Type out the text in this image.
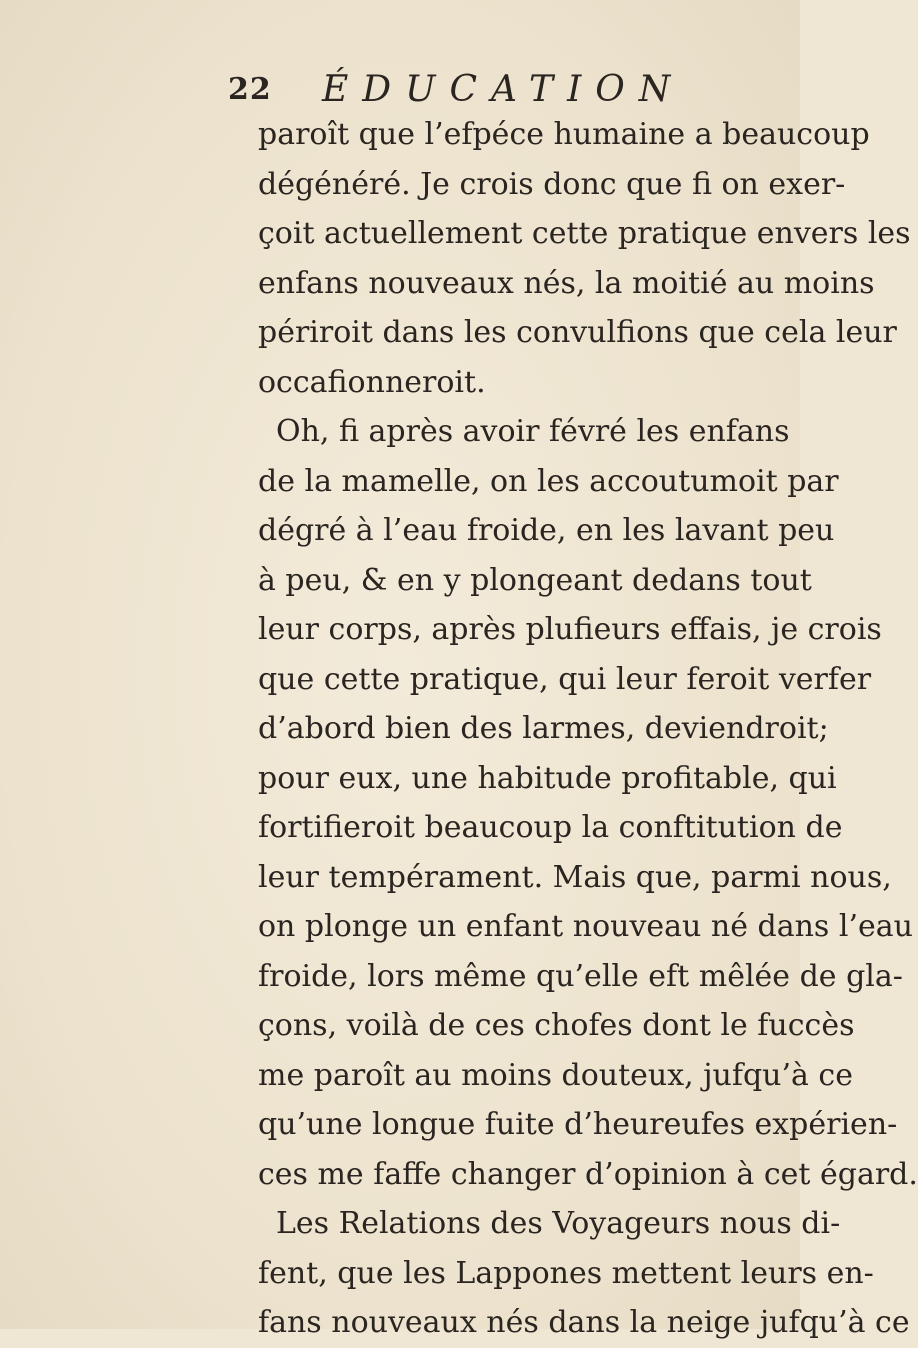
22 ÉDUCATION
paroît que l’efpéce humaine a beaucoup
dégénéré. Je crois donc que fi on exer-
çoit actuellement cette pratique envers les
enfans nouveaux nés, la moitié au moins
périroit dans les convulfions que cela leur
occafionneroit.
Oh, fi après avoir févré les enfans
de la mamelle, on les accoutumoit par
dégré à l’eau froide, en les lavant peu
à peu, & en y plongeant dedans tout
leur corps, après plufieurs effais, je crois
que cette pratique, qui leur feroit verfer
d’abord bien des larmes, deviendroit;
pour eux, une habitude profitable, qui
fortifieroit beaucoup la conftitution de
leur tempérament. Mais que, parmi nous,
on plonge un enfant nouveau né dans l’eau
froide, lors même qu’elle eft mêlée de gla-
çons, voilà de ces chofes dont le fuccès
me paroît au moins douteux, jufqu’à ce
qu’une longue fuite d’heureufes expérien-
ces me faffe changer d’opinion à cet égard.
Les Relations des Voyageurs nous di-
fent, que les Lappones mettent leurs en-
fans nouveaux nés dans la neige jufqu’à ce
